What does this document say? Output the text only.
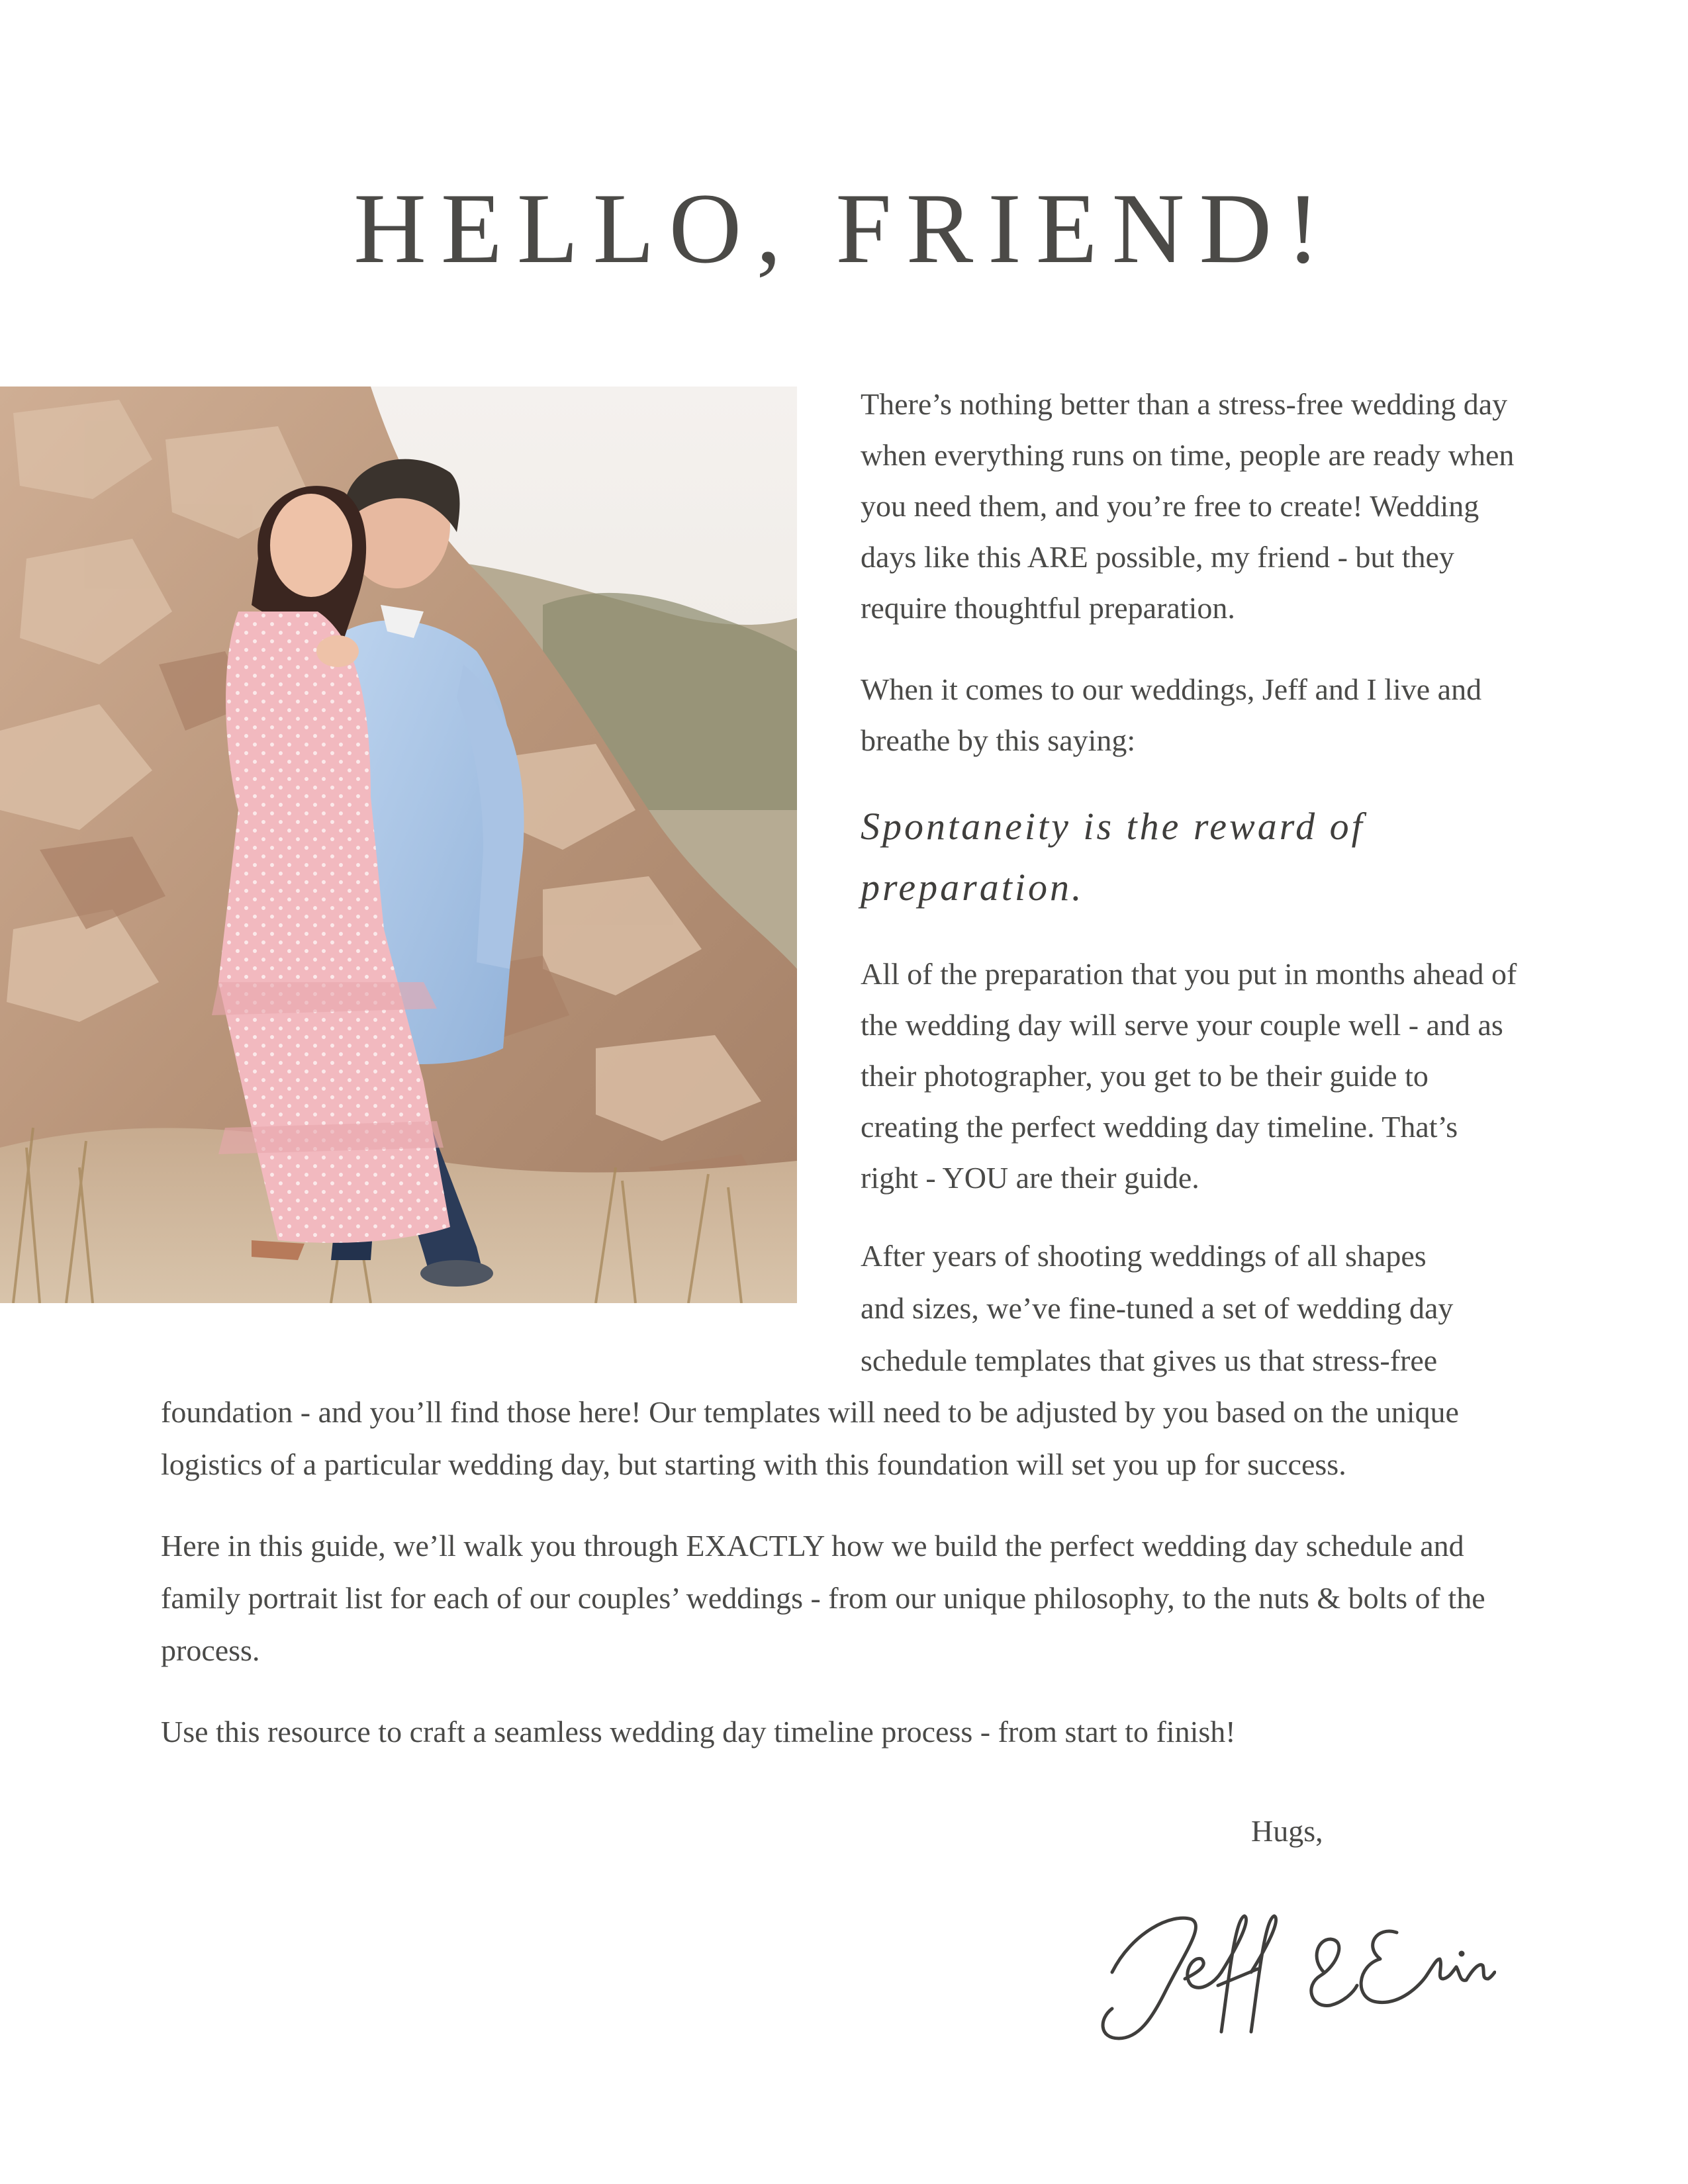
HELLO, FRIEND!

There’s nothing better than a stress-free wedding day when everything runs on time, people are ready when you need them, and you’re free to create! Wedding days like this ARE possible, my friend - but they require thoughtful preparation.

When it comes to our weddings, Jeff and I live and breathe by this saying:

Spontaneity is the reward of preparation.

All of the preparation that you put in months ahead of the wedding day will serve your couple well - and as their photographer, you get to be their guide to creating the perfect wedding day timeline. That’s right - YOU are their guide.

After years of shooting weddings of all shapes
and sizes, we’ve fine-tuned a set of wedding day
schedule templates that gives us that stress-free

foundation - and you’ll find those here! Our templates will need to be adjusted by you based on the unique logistics of a particular wedding day, but starting with this foundation will set you up for success.

Here in this guide, we’ll walk you through EXACTLY how we build the perfect wedding day schedule and family portrait list for each of our couples’ weddings - from our unique philosophy, to the nuts & bolts of the process.

Use this resource to craft a seamless wedding day timeline process - from start to finish!

Hugs,
